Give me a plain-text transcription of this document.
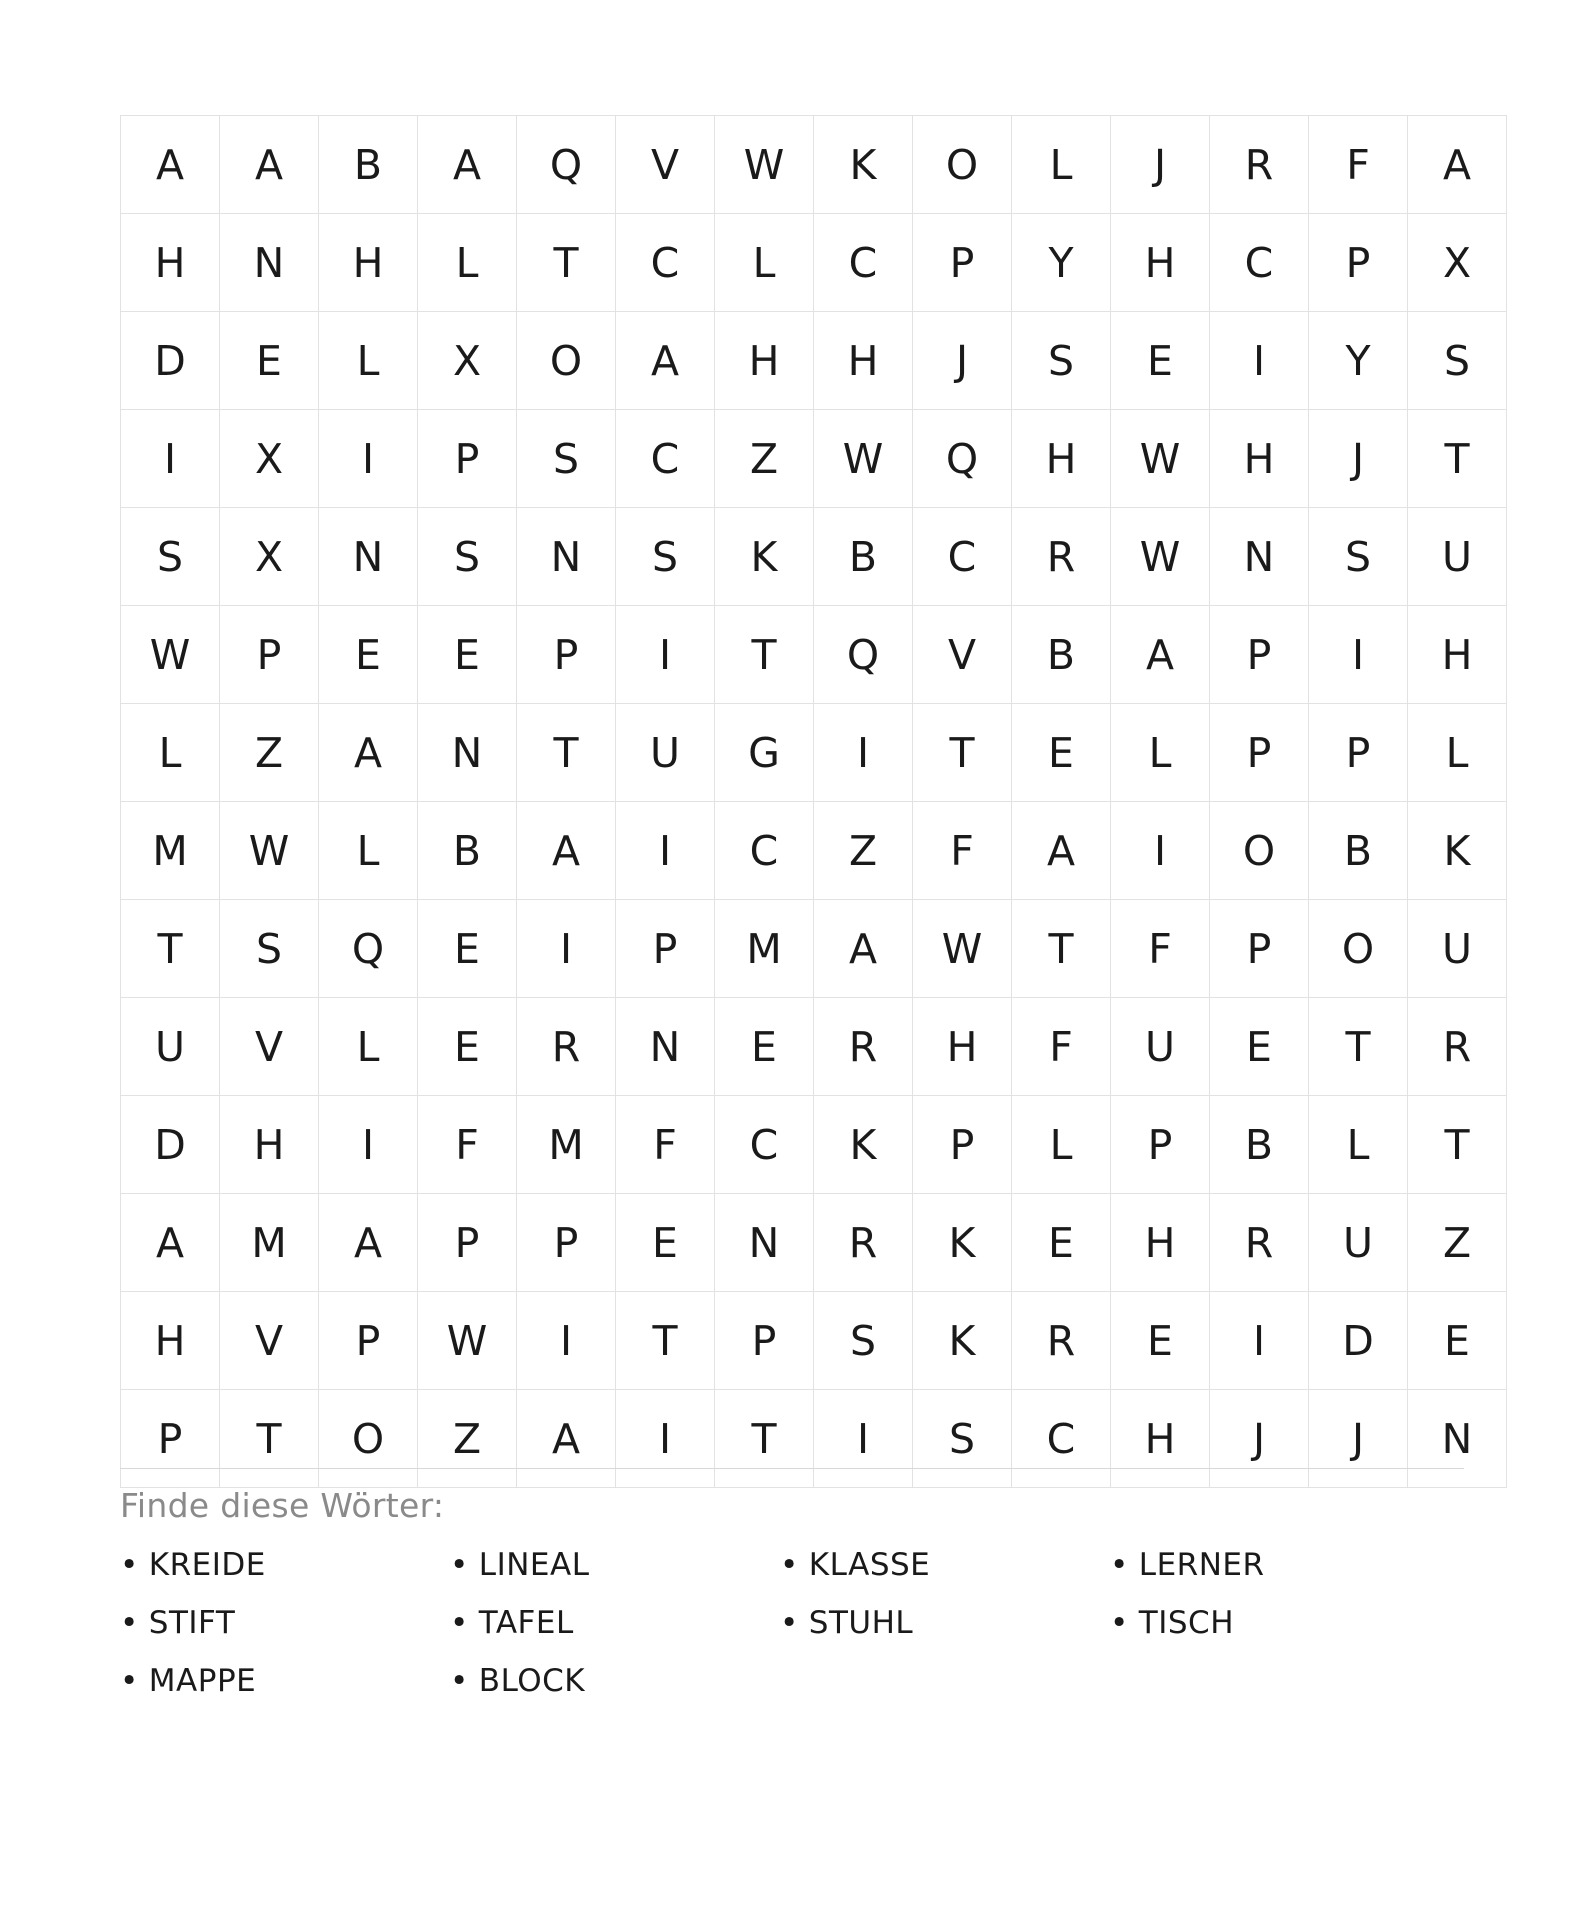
A	A	B	A	Q	V	W	K	O	L	J	R	F	A
H	N	H	L	T	C	L	C	P	Y	H	C	P	X
D	E	L	X	O	A	H	H	J	S	E	I	Y	S
I	X	I	P	S	C	Z	W	Q	H	W	H	J	T
S	X	N	S	N	S	K	B	C	R	W	N	S	U
W	P	E	E	P	I	T	Q	V	B	A	P	I	H
L	Z	A	N	T	U	G	I	T	E	L	P	P	L
M	W	L	B	A	I	C	Z	F	A	I	O	B	K
T	S	Q	E	I	P	M	A	W	T	F	P	O	U
U	V	L	E	R	N	E	R	H	F	U	E	T	R
D	H	I	F	M	F	C	K	P	L	P	B	L	T
A	M	A	P	P	E	N	R	K	E	H	R	U	Z
H	V	P	W	I	T	P	S	K	R	E	I	D	E
P	T	O	Z	A	I	T	I	S	C	H	J	J	N
Finde diese Wörter:
• KREIDE	• LINEAL	• KLASSE	• LERNER
• STIFT	• TAFEL	• STUHL	• TISCH
• MAPPE	• BLOCK
